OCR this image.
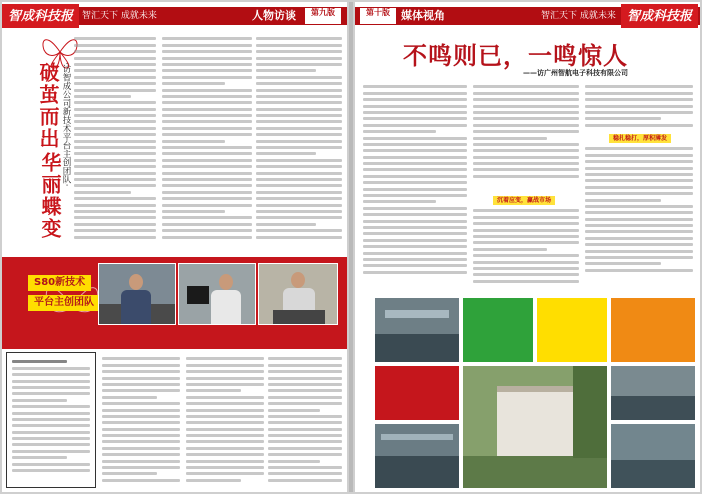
智成科技报 智汇天下 成就未来	人物访谈	第九版
破茧而出 ·访智成公司新技术平台主创团队·
华丽蝶变
S80新技术
平台主创团队
第十版	媒体视角	智汇天下 成就未来 智成科技报
不鸣则已，一鸣惊人
——访广州智航电子科技有限公司
沉着应变，赢战市场
稳扎稳打，厚积薄发
